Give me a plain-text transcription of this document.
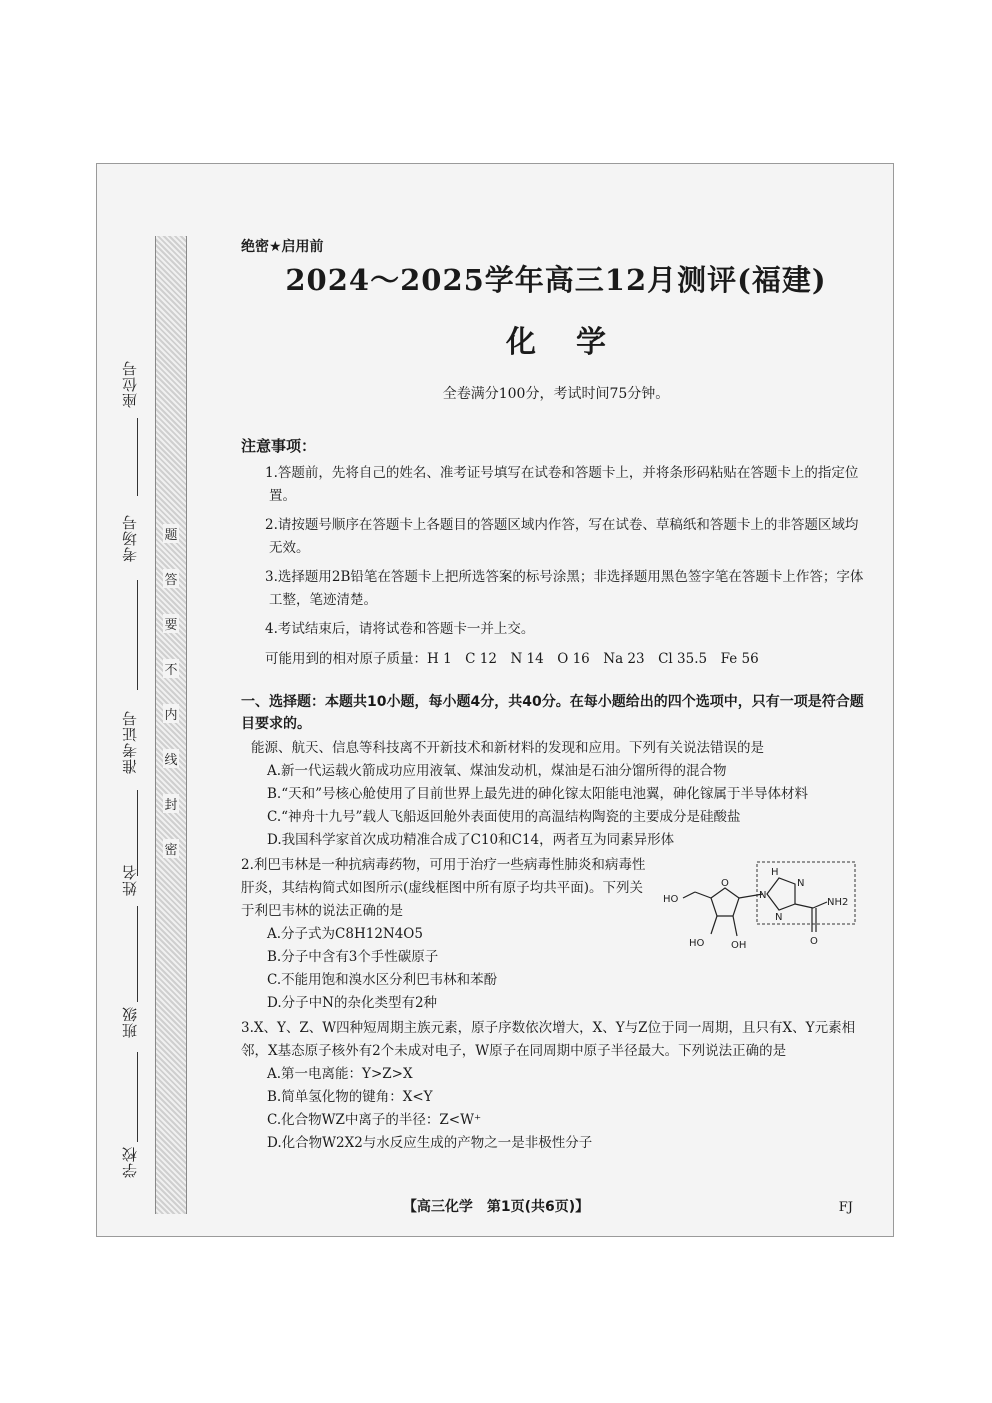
座位号
考场号
准考证号
姓名
班级
学校
题
答
要
不
内
线
封
密
绝密★启用前
2024～2025学年高三12月测评(福建)
化学
全卷满分100分，考试时间75分钟。
注意事项：

1.答题前，先将自己的姓名、准考证号填写在试卷和答题卡上，并将条形码粘贴在答题卡上的指定位置。

2.请按题号顺序在答题卡上各题目的答题区域内作答，写在试卷、草稿纸和答题卡上的非答题区域均无效。

3.选择题用2B铅笔在答题卡上把所选答案的标号涂黑；非选择题用黑色签字笔在答题卡上作答；字体工整，笔迹清楚。

4.考试结束后，请将试卷和答题卡一并上交。

可能用到的相对原子质量：H 1　C 12　N 14　O 16　Na 23　Cl 35.5　Fe 56
一、选择题：本题共10小题，每小题4分，共40分。在每小题给出的四个选项中，只有一项是符合题目要求的。
能源、航天、信息等科技离不开新技术和新材料的发现和应用。下列有关说法错误的是
A.新一代运载火箭成功应用液氧、煤油发动机，煤油是石油分馏所得的混合物
B.“天和”号核心舱使用了目前世界上最先进的砷化镓太阳能电池翼，砷化镓属于半导体材料
C.“神舟十九号”载人飞船返回舱外表面使用的高温结构陶瓷的主要成分是硅酸盐
D.我国科学家首次成功精准合成了C10和C14，两者互为同素异形体
2.利巴韦林是一种抗病毒药物，可用于治疗一些病毒性肺炎和病毒性肝炎，其结构简式如图所示(虚线框图中所有原子均共平面)。下列关于利巴韦林的说法正确的是
A.分子式为C8H12N4O5
B.分子中含有3个手性碳原子
C.不能用饱和溴水区分利巴韦林和苯酚
D.分子中N的杂化类型有2种
O
HO
HO	OH
N
H
N
N
NH2
O
3.X、Y、Z、W四种短周期主族元素，原子序数依次增大，X、Y与Z位于同一周期，且只有X、Y元素相邻，X基态原子核外有2个未成对电子，W原子在同周期中原子半径最大。下列说法正确的是
A.第一电离能：Y>Z>X
B.简单氢化物的键角：X<Y
C.化合物WZ中离子的半径：Z<W⁺
D.化合物W2X2与水反应生成的产物之一是非极性分子
【高三化学　第1页(共6页)】	FJ
